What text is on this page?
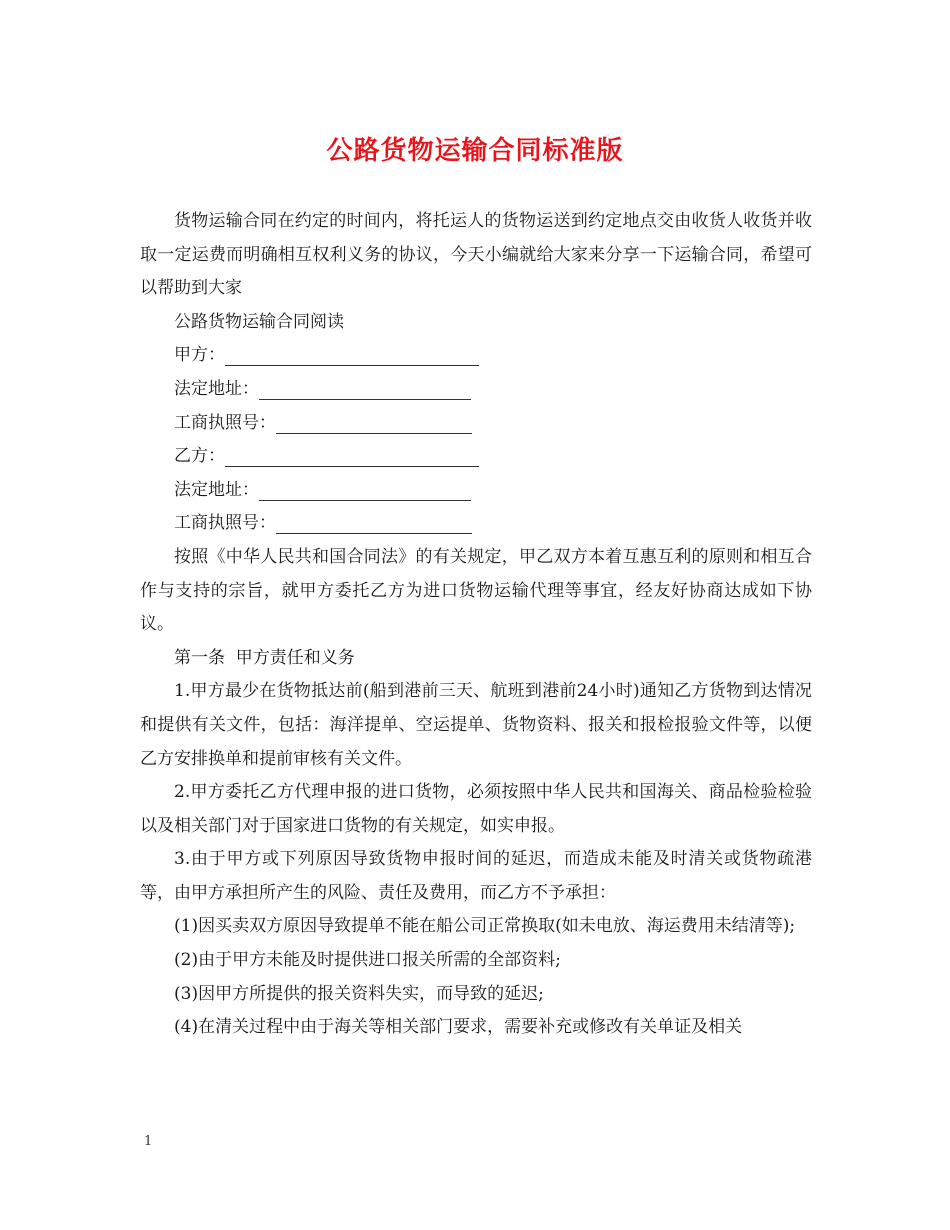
公路货物运输合同标准版

货物运输合同在约定的时间内，将托运人的货物运送到约定地点交由收货人收货并收取一定运费而明确相互权利义务的协议，今天小编就给大家来分享一下运输合同，希望可以帮助到大家

公路货物运输合同阅读

甲方：

法定地址：

工商执照号：

乙方：

法定地址：

工商执照号：

按照《中华人民共和国合同法》的有关规定，甲乙双方本着互惠互利的原则和相互合作与支持的宗旨，就甲方委托乙方为进口货物运输代理等事宜，经友好协商达成如下协议。

第一条  甲方责任和义务

1.甲方最少在货物抵达前(船到港前三天、航班到港前24小时)通知乙方货物到达情况和提供有关文件，包括：海洋提单、空运提单、货物资料、报关和报检报验文件等，以便乙方安排换单和提前审核有关文件。

2.甲方委托乙方代理申报的进口货物，必须按照中华人民共和国海关、商品检验检验以及相关部门对于国家进口货物的有关规定，如实申报。

3.由于甲方或下列原因导致货物申报时间的延迟，而造成未能及时清关或货物疏港等，由甲方承担所产生的风险、责任及费用，而乙方不予承担：

(1)因买卖双方原因导致提单不能在船公司正常换取(如未电放、海运费用未结清等);

(2)由于甲方未能及时提供进口报关所需的全部资料;

(3)因甲方所提供的报关资料失实，而导致的延迟;

(4)在清关过程中由于海关等相关部门要求，需要补充或修改有关单证及相关

1
